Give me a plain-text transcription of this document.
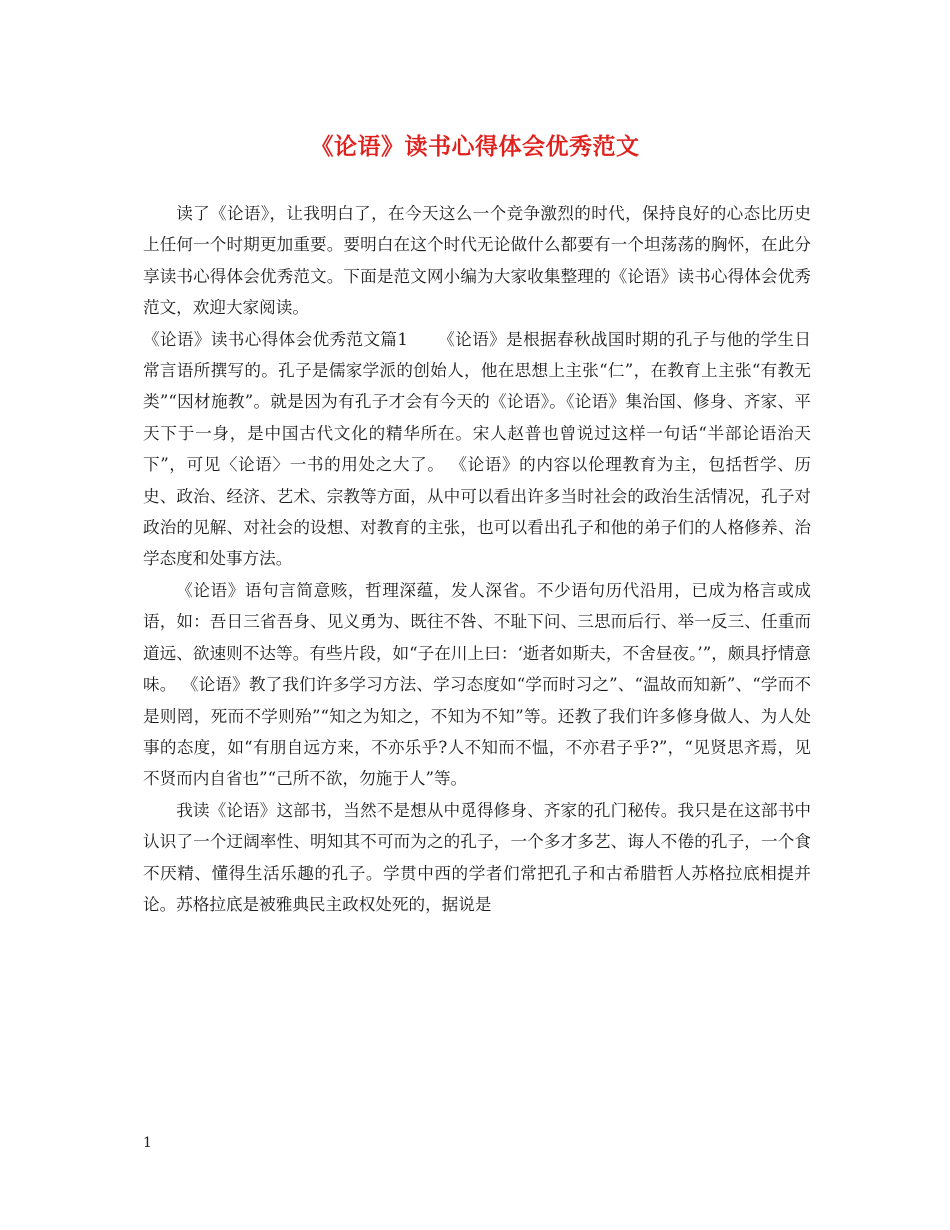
《论语》读书心得体会优秀范文

读了《论语》，让我明白了，在今天这么一个竞争激烈的时代，保持良好的心态比历史上任何一个时期更加重要。要明白在这个时代无论做什么都要有一个坦荡荡的胸怀，在此分享读书心得体会优秀范文。下面是范文网小编为大家收集整理的《论语》读书心得体会优秀范文，欢迎大家阅读。

《论语》读书心得体会优秀范文篇1 《论语》是根据春秋战国时期的孔子与他的学生日常言语所撰写的。孔子是儒家学派的创始人，他在思想上主张“仁”，在教育上主张“有教无类”“因材施教”。就是因为有孔子才会有今天的《论语》。《论语》集治国、修身、齐家、平天下于一身，是中国古代文化的精华所在。宋人赵普也曾说过这样一句话“半部论语治天下”，可见〈论语〉一书的用处之大了。 《论语》的内容以伦理教育为主，包括哲学、历史、政治、经济、艺术、宗教等方面，从中可以看出许多当时社会的政治生活情况，孔子对政治的见解、对社会的设想、对教育的主张，也可以看出孔子和他的弟子们的人格修养、治学态度和处事方法。

《论语》语句言简意赅，哲理深蕴，发人深省。不少语句历代沿用，已成为格言或成语，如：吾日三省吾身、见义勇为、既往不咎、不耻下问、三思而后行、举一反三、任重而道远、欲速则不达等。有些片段，如“子在川上曰：‘逝者如斯夫，不舍昼夜。’”，颇具抒情意味。 《论语》教了我们许多学习方法、学习态度如“学而时习之”、“温故而知新”、“学而不是则罔，死而不学则殆”“知之为知之，不知为不知”等。还教了我们许多修身做人、为人处事的态度，如“有朋自远方来，不亦乐乎?人不知而不愠，不亦君子乎?”，“见贤思齐焉，见不贤而内自省也”“己所不欲，勿施于人”等。

我读《论语》这部书，当然不是想从中觅得修身、齐家的孔门秘传。我只是在这部书中认识了一个迂阔率性、明知其不可而为之的孔子，一个多才多艺、诲人不倦的孔子，一个食不厌精、懂得生活乐趣的孔子。学贯中西的学者们常把孔子和古希腊哲人苏格拉底相提并论。苏格拉底是被雅典民主政权处死的，据说是

1
